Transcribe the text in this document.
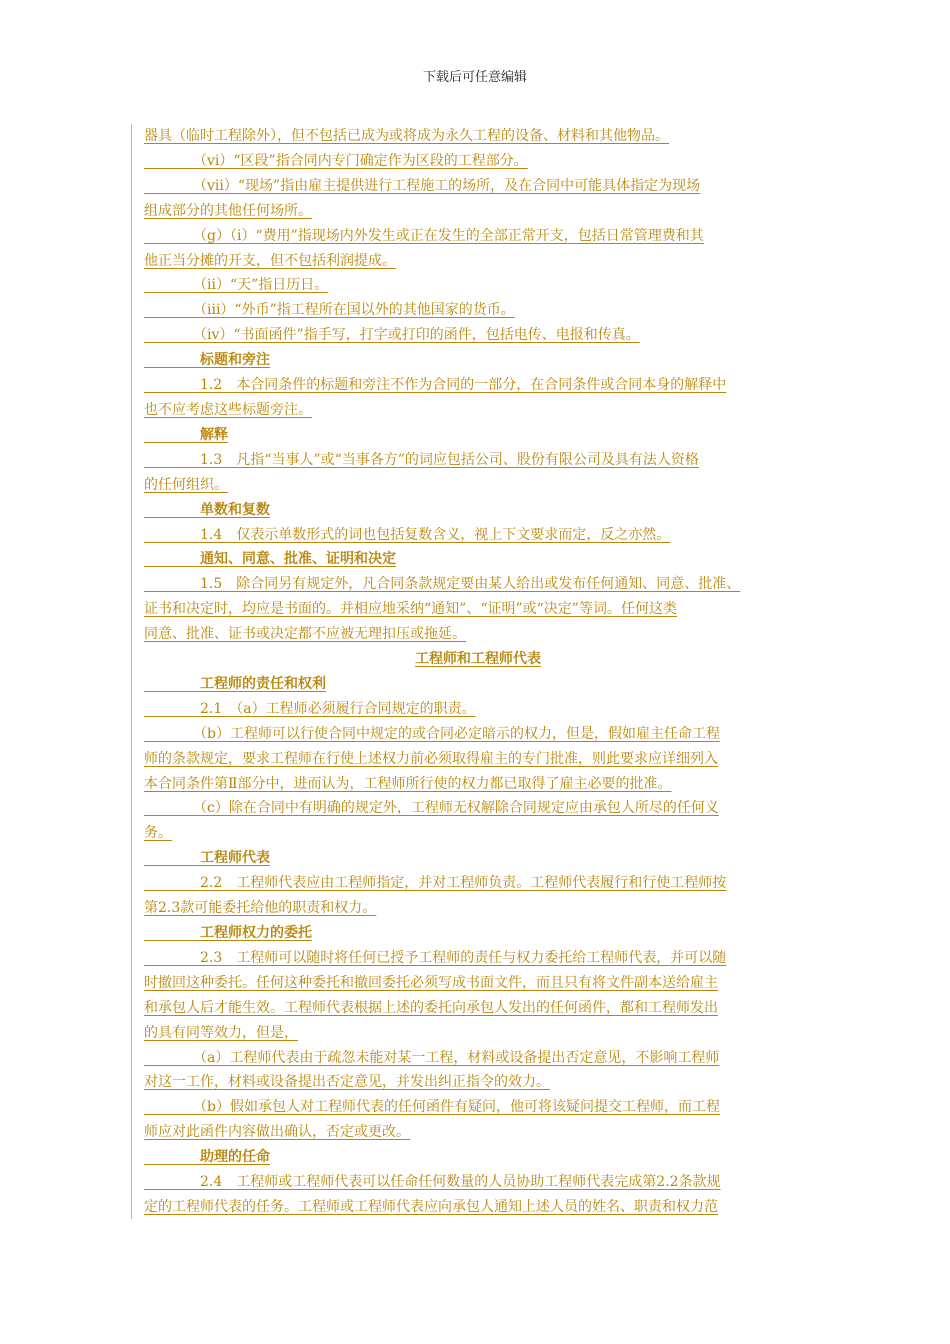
下载后可任意编辑

器具（临时工程除外），但不包括已成为或将成为永久工程的设备、材料和其他物品。

　　　　（vi）“区段”指合同内专门确定作为区段的工程部分。

　　　　（vii）“现场”指由雇主提供进行工程施工的场所，及在合同中可能具体指定为现场

组成部分的其他任何场所。

　　　　（g）（i）“费用”指现场内外发生或正在发生的全部正常开支，包括日常管理费和其

他正当分摊的开支，但不包括利润提成。

　　　　（ii）“天”指日历日。

　　　　（iii）“外币”指工程所在国以外的其他国家的货币。

　　　　（iv）“书面函件”指手写，打字或打印的函件，包括电传、电报和传真。

　　　　标题和旁注

　　　　1.2　本合同条件的标题和旁注不作为合同的一部分，在合同条件或合同本身的解释中

也不应考虑这些标题旁注。

　　　　解释

　　　　1.3　凡指“当事人”或“当事各方”的词应包括公司、股份有限公司及具有法人资格

的任何组织。

　　　　单数和复数

　　　　1.4　仅表示单数形式的词也包括复数含义，视上下文要求而定，反之亦然。

　　　　通知、同意、批准、证明和决定

　　　　1.5　除合同另有规定外，凡合同条款规定要由某人给出或发布任何通知、同意、批准、

证书和决定时，均应是书面的。并相应地采纳“通知”、“证明”或“决定”等词。任何这类

同意、批准、证书或决定都不应被无理扣压或拖延。

工程师和工程师代表

　　　　工程师的责任和权利

　　　　2.1　（a）工程师必须履行合同规定的职责。

　　　　（b）工程师可以行使合同中规定的或合同必定暗示的权力，但是，假如雇主任命工程

师的条款规定，要求工程师在行使上述权力前必须取得雇主的专门批准，则此要求应详细列入

本合同条件第Ⅱ部分中，进而认为，工程师所行使的权力都已取得了雇主必要的批准。

　　　　（c）除在合同中有明确的规定外，工程师无权解除合同规定应由承包人所尽的任何义

务。

　　　　工程师代表

　　　　2.2　工程师代表应由工程师指定，并对工程师负责。工程师代表履行和行使工程师按

第2.3款可能委托给他的职责和权力。

　　　　工程师权力的委托

　　　　2.3　工程师可以随时将任何已授予工程师的责任与权力委托给工程师代表，并可以随

时撤回这种委托。任何这种委托和撤回委托必须写成书面文件，而且只有将文件副本送给雇主

和承包人后才能生效。工程师代表根据上述的委托向承包人发出的任何函件，都和工程师发出

的具有同等效力，但是，

　　　　（a）工程师代表由于疏忽未能对某一工程，材料或设备提出否定意见，不影响工程师

对这一工作，材料或设备提出否定意见，并发出纠正指令的效力。

　　　　（b）假如承包人对工程师代表的任何函件有疑问，他可将该疑问提交工程师，而工程

师应对此函件内容做出确认，否定或更改。

　　　　助理的任命

　　　　2.4　工程师或工程师代表可以任命任何数量的人员协助工程师代表完成第2.2条款规

定的工程师代表的任务。工程师或工程师代表应向承包人通知上述人员的姓名、职责和权力范
